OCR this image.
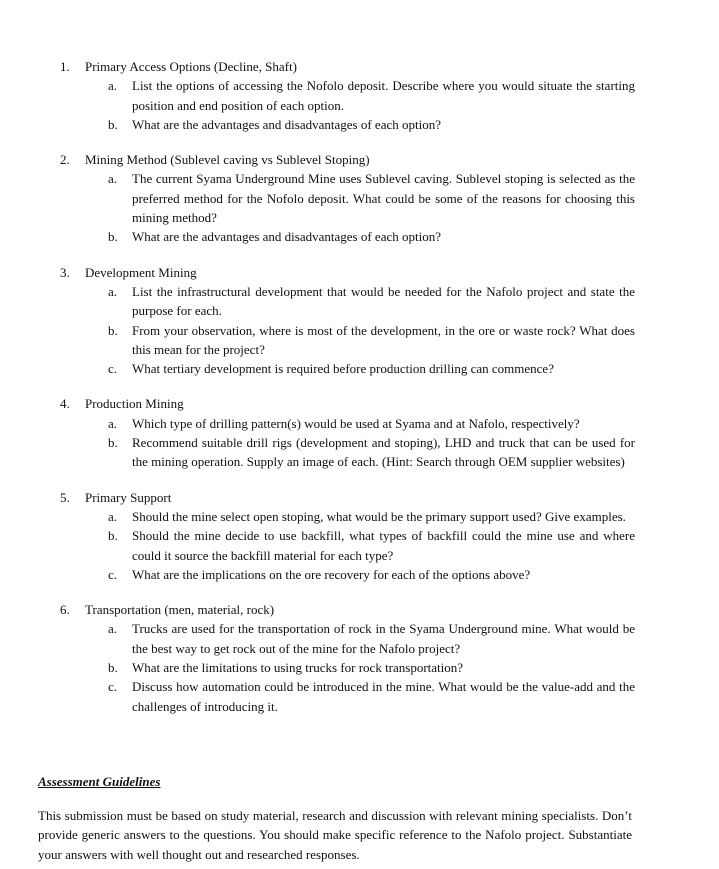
1.	Primary Access Options (Decline, Shaft)
a.	List the options of accessing the Nofolo deposit. Describe where you would situate the starting position and end position of each option.
b.	What are the advantages and disadvantages of each option?
2.	Mining Method (Sublevel caving vs Sublevel Stoping)
a.	The current Syama Underground Mine uses Sublevel caving. Sublevel stoping is selected as the preferred method for the Nofolo deposit. What could be some of the reasons for choosing this mining method?
b.	What are the advantages and disadvantages of each option?
3.	Development Mining
a.	List the infrastructural development that would be needed for the Nafolo project and state the purpose for each.
b.	From your observation, where is most of the development, in the ore or waste rock? What does this mean for the project?
c.	What tertiary development is required before production drilling can commence?
4.	Production Mining
a.	Which type of drilling pattern(s) would be used at Syama and at Nafolo, respectively?
b.	Recommend suitable drill rigs (development and stoping), LHD and truck that can be used for the mining operation. Supply an image of each. (Hint: Search through OEM supplier websites)
5.	Primary Support
a.	Should the mine select open stoping, what would be the primary support used? Give examples.
b.	Should the mine decide to use backfill, what types of backfill could the mine use and where could it source the backfill material for each type?
c.	What are the implications on the ore recovery for each of the options above?
6.	Transportation (men, material, rock)
a.	Trucks are used for the transportation of rock in the Syama Underground mine. What would be the best way to get rock out of the mine for the Nafolo project?
b.	What are the limitations to using trucks for rock transportation?
c.	Discuss how automation could be introduced in the mine. What would be the value-add and the challenges of introducing it.
Assessment Guidelines
This submission must be based on study material, research and discussion with relevant mining specialists. Don’t provide generic answers to the questions. You should make specific reference to the Nafolo project. Substantiate your answers with well thought out and researched responses.
